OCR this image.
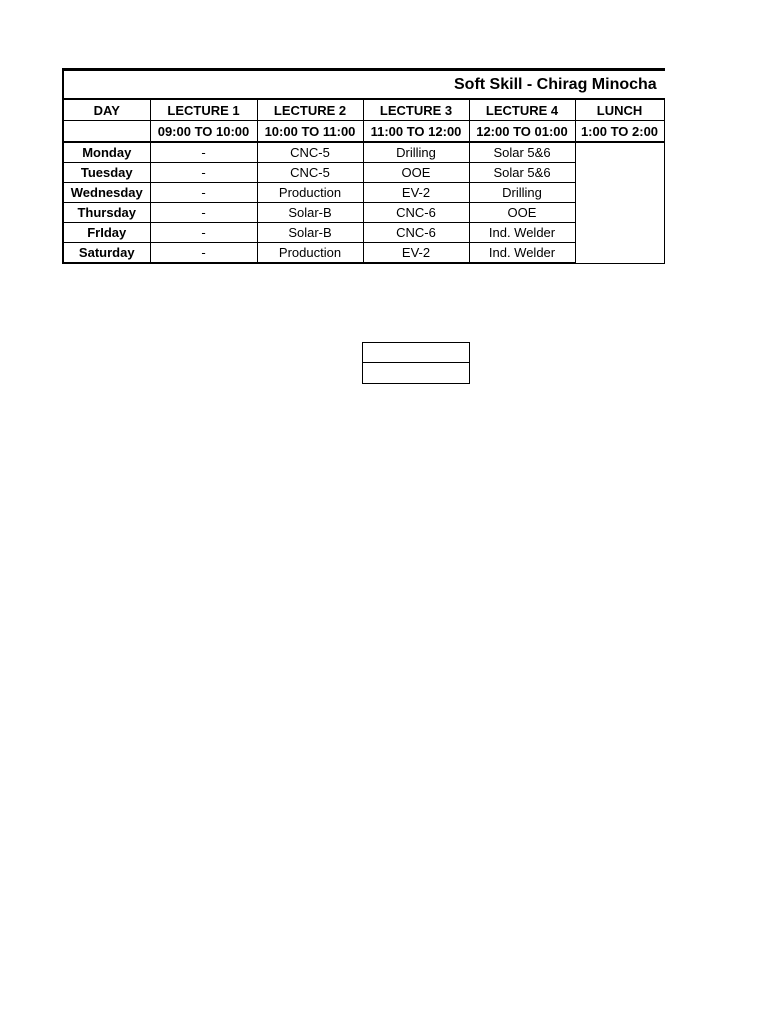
Soft Skill - Chirag Minocha						
DAY	LECTURE 1	LECTURE 2	LECTURE 3	LECTURE 4	LUNCH	
	09:00 TO 10:00	10:00 TO 11:00	11:00 TO 12:00	12:00 TO 01:00	1:00 TO 2:00	
Monday	-	CNC-5	Drilling	Solar 5&6		
Tuesday	-	CNC-5	OOE	Solar 5&6		
Wednesday	-	Production	EV-2	Drilling		
Thursday	-	Solar-B	CNC-6	OOE		
FrIday	-	Solar-B	CNC-6	Ind. Welder		
Saturday	-	Production	EV-2	Ind. Welder		
